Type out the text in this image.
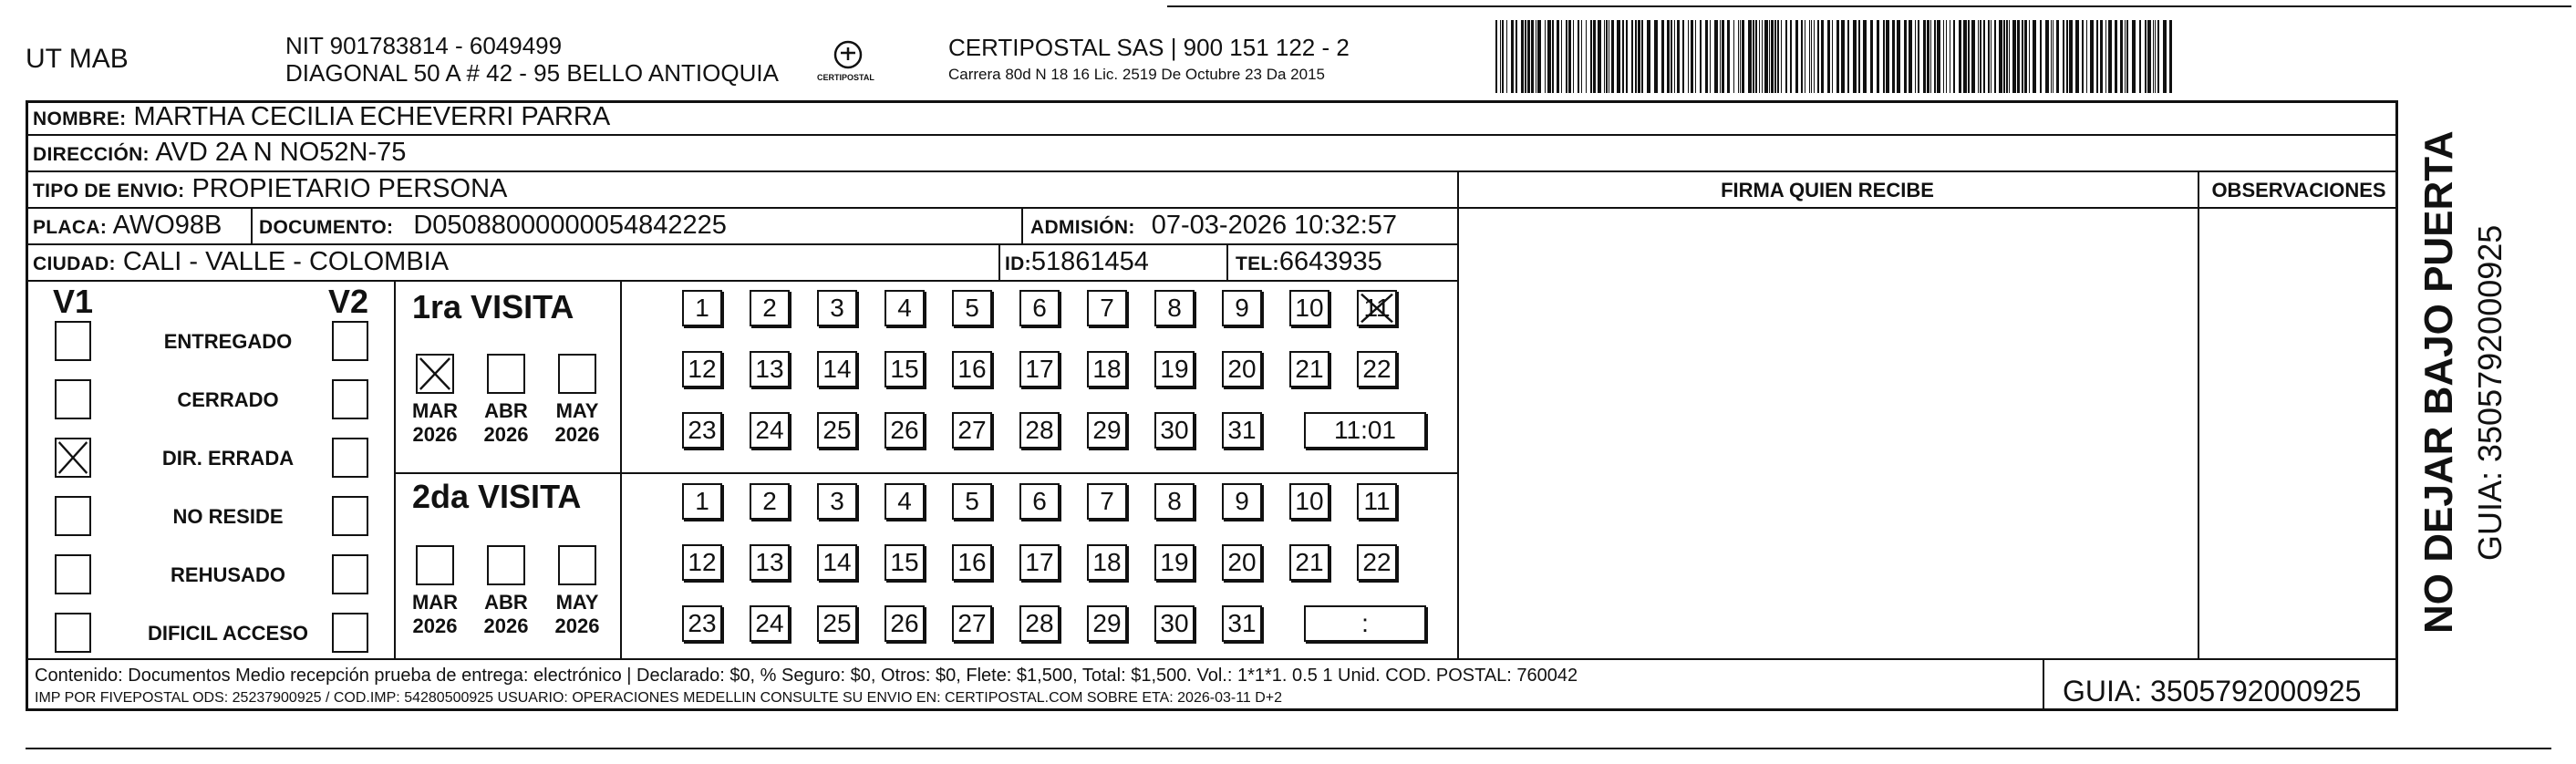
UT MAB	NIT 901783814 - 6049499
DIAGONAL 50 A # 42 - 95 BELLO ANTIOQUIA	CERTIPOSTAL
CERTIPOSTAL SAS | 900 151 122 - 2
Carrera 80d N 18 16 Lic. 2519 De Octubre 23 Da 2015
NOMBRE: MARTHA CECILIA ECHEVERRI PARRA
DIRECCIÓN: AVD 2A N NO52N-75
TIPO DE ENVIO: PROPIETARIO PERSONA
PLACA: AWO98B DOCUMENTO: D05088000000054842225	ADMISIÓN: 07-03-2026 10:32:57
CIUDAD: CALI - VALLE - COLOMBIA	ID:51861454	TEL:6643935
FIRMA QUIEN RECIBE	OBSERVACIONES
V1	V2
ENTREGADO
CERRADO
DIR. ERRADA
NO RESIDE
REHUSADO
DIFICIL ACCESO
1ra VISITA
2da VISITA
MAR
2026
ABR
2026
MAY
2026
MAR
2026
ABR
2026
MAY
2026
1	2	3	4	5	6	7	8	9	10 11
12 13 14 15 16 17 18 19 20 21 22
23 24 25 26 27 28 29 30 31	11:01
1	2	3	4	5	6	7	8	9	10 11
12 13 14 15 16 17 18 19 20 21 22
23 24 25 26 27 28 29 30 31	:
Contenido: Documentos Medio recepción prueba de entrega: electrónico | Declarado: $0, % Seguro: $0, Otros: $0, Flete: $1,500, Total: $1,500. Vol.: 1*1*1. 0.5 1 Unid. COD. POSTAL: 760042
IMP POR FIVEPOSTAL ODS: 25237900925 / COD.IMP: 54280500925 USUARIO: OPERACIONES MEDELLIN CONSULTE SU ENVIO EN: CERTIPOSTAL.COM SOBRE ETA: 2026-03-11 D+2	GUIA: 3505792000925
NO DEJAR BAJO PUERTA GUIA: 3505792000925
